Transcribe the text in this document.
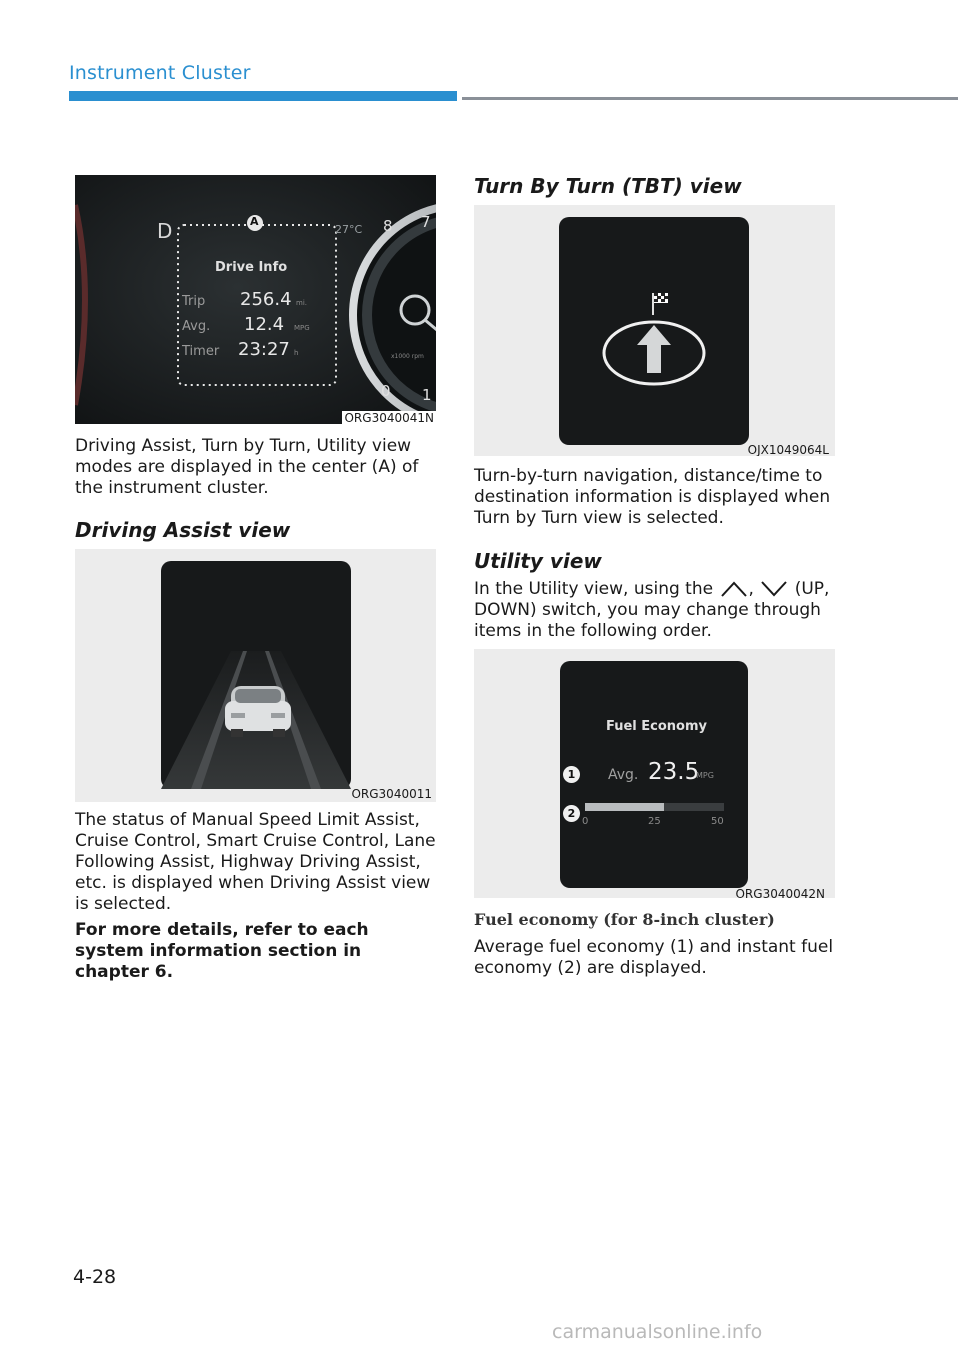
Instrument Cluster
D	A
27°C
Drive Info
Trip	256.4 mi.
Avg.	12.4	MPG
Timer	23:27 h
8 7
0 1
x1000 rpm
ORG3040041N

Driving Assist, Turn by Turn, Utility view modes are displayed in the center (A) of the instrument cluster.

Driving Assist view
ORG3040011

The status of Manual Speed Limit Assist, Cruise Control, Smart Cruise Control, Lane Following Assist, Highway Driving Assist, etc. is displayed when Driving Assist view is selected.

For more details, refer to each system information section in chapter 6.

Turn By Turn (TBT) view
OJX1049064L

Turn-by-turn navigation, distance/time to destination information is displayed when Turn by Turn view is selected.

Utility view

In the Utility view, using the , (UP, DOWN) switch, you may change through items in the following order.

Fuel Economy
1	Avg. 23.5
MPG
2
0	25	50
ORG3040042N

Fuel economy (for 8-inch cluster)

Average fuel economy (1) and instant fuel economy (2) are displayed.

4-28
carmanualsonline.info
